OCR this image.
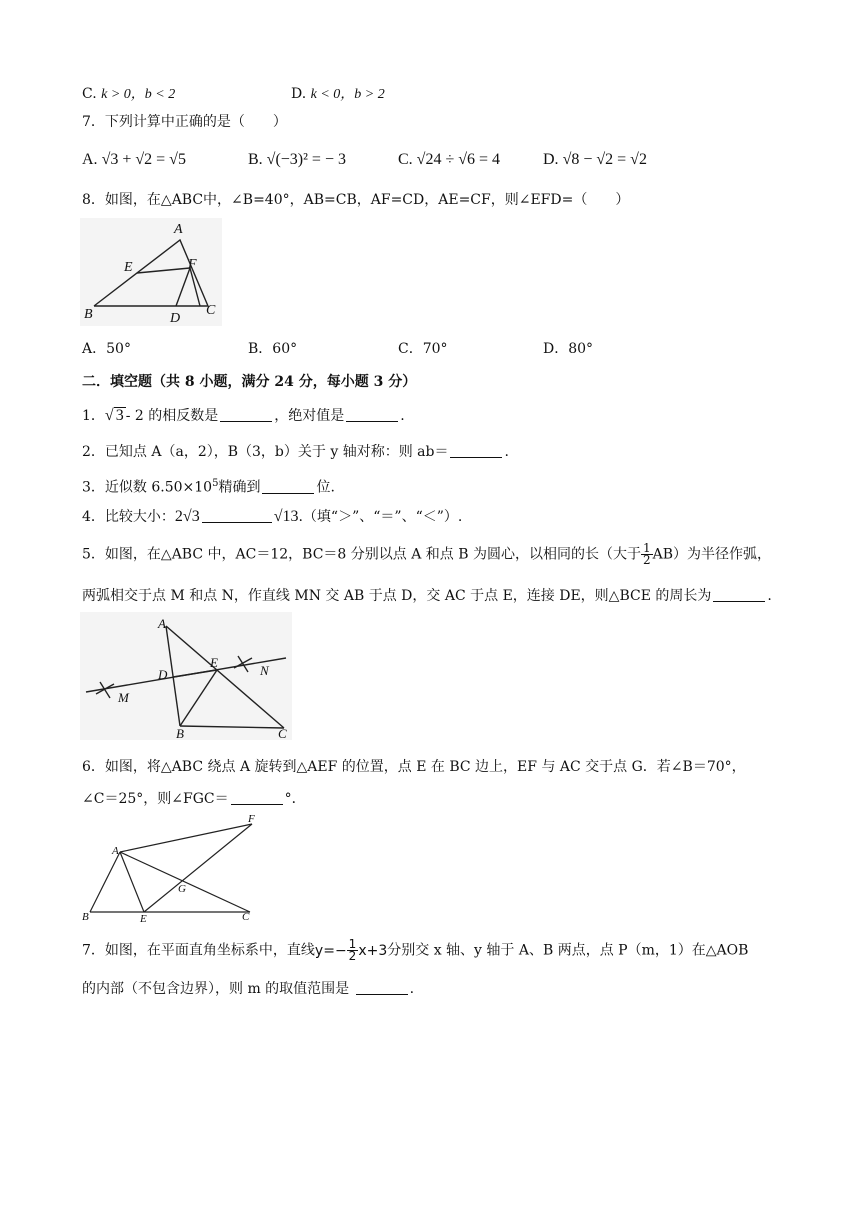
C. k > 0，b < 2	D. k < 0，b > 2
7．下列计算中正确的是（　　）
A. √3 + √2 = √5	B. √(−3)² = − 3	C. √24 ÷ √6 = 4	D. √8 − √2 = √2
8．如图，在△ABC中，∠B=40°，AB=CB，AF=CD，AE=CF，则∠EFD=（　　）
A
E	F
B	D
C
A．50°	B．60°	C．70°	D．80°
二．填空题（共 8 小题，满分 24 分，每小题 3 分）
1．√ 3 - 2 的相反数是	，绝对值是	.
2．已知点 A（a，2），B（3，b）关于 y 轴对称：则 ab＝	.
3．近似数 $6.50\times 10^5$精确到	位.
4．比较大小：2√3	√13.（填“＞”、“＝”、“＜”）.
5．如图，在△ABC 中，AC＝12，BC＝8 分别以点 A 和点 B 为圆心，以相同的长（大于 $\frac{1}{2} AB$）为半径作弧，
两弧相交于点 M 和点 N，作直线 MN 交 AB 于点 D，交 AC 于点 E，连接 DE，则△BCE 的周长为	.
A
D
E
N
M
B	C
6．如图，将△ABC 绕点 A 旋转到△AEF 的位置，点 E 在 BC 边上，EF 与 AC 交于点 G．若∠B＝70°，
∠C＝25°，则∠FGC＝	°．
F
A
G
B	E	C
7．如图，在平面直角坐标系中，直线$y=- \frac{1}{2} x+3$分别交 x 轴、y 轴于 A、B 两点，点 P（m，1）在△AOB
的内部（不包含边界），则 m 的取值范围是	.
